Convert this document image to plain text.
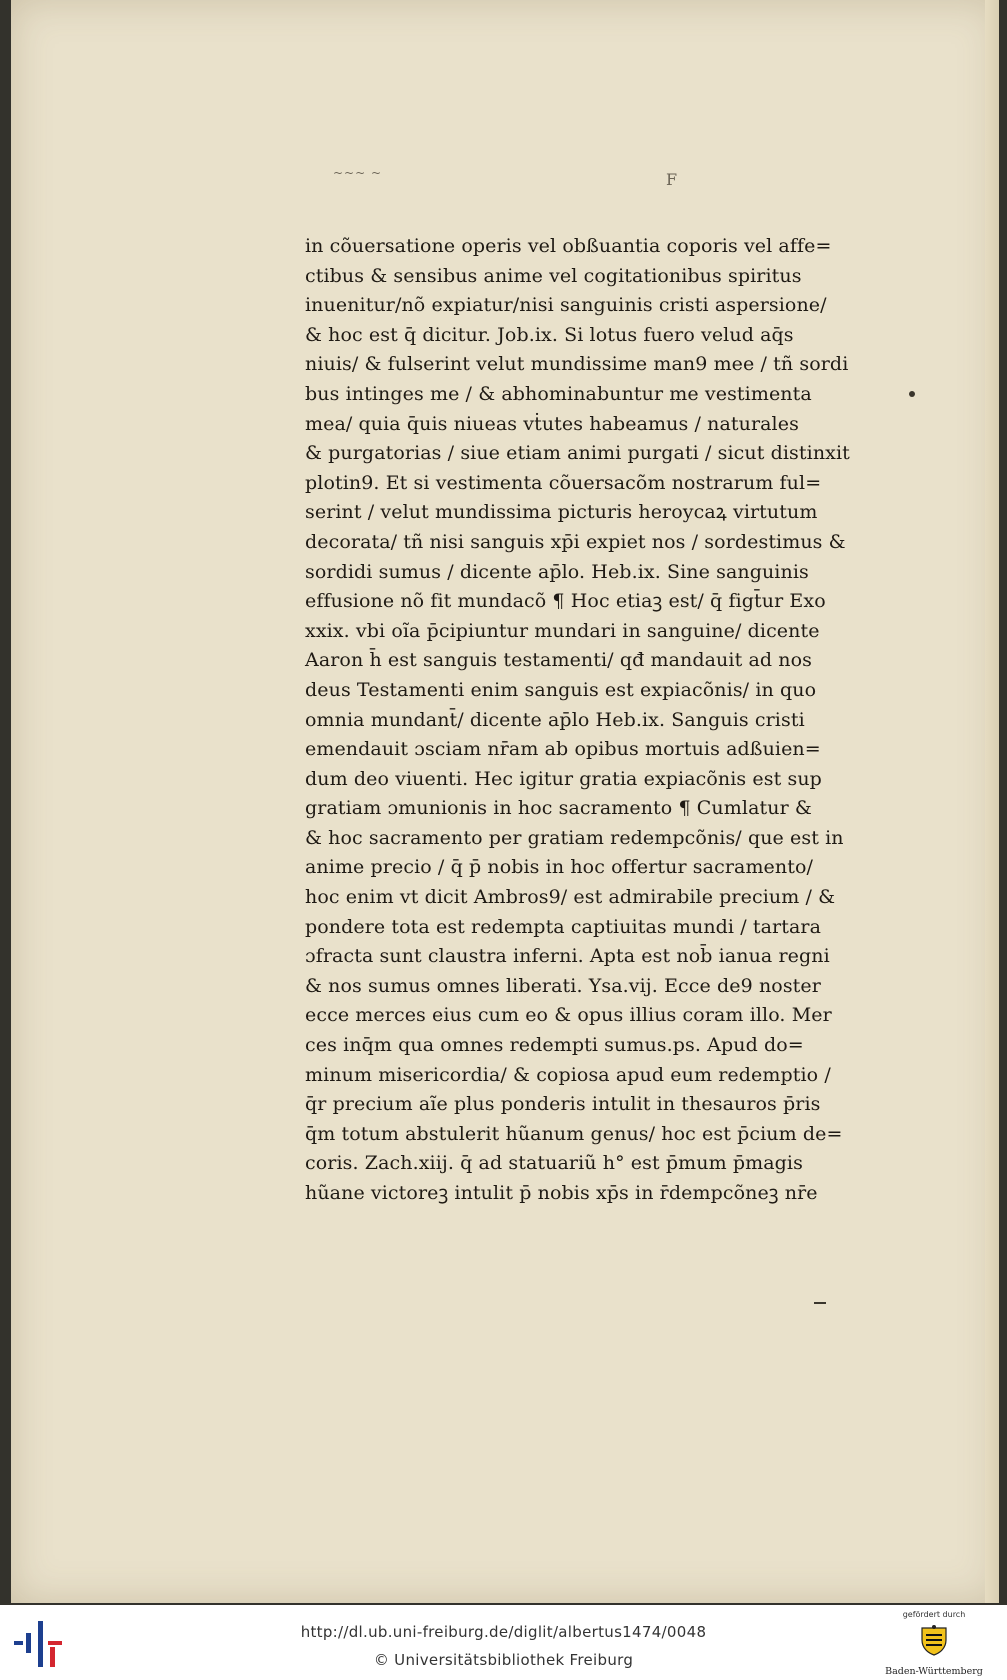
~~~ ~	F
in cõuersatione operis vel obßuantia coporis vel affe=
ctibus & sensibus anime vel cogitationibus spiritus
inuenitur/nõ expiatur/nisi sanguinis cristi aspersione/
& hoc est q̄ dicitur. Job.ix. Si lotus fuero velud aq̄s
niuis/ & fulserint velut mundissime man9 mee / tñ sordi
bus intinges me / & abhominabuntur me vestimenta
mea/ quia q̄uis niueas vṫutes habeamus / naturales
& purgatorias / siue etiam animi purgati / sicut distinxit
plotin9. Et si vestimenta cõuersacõm nostrarum ful=
serint / velut mundissima picturis heroycaꝝ virtutum
decorata/ tñ nisi sanguis xp̄i expiet nos / sordestimus &
sordidi sumus / dicente ap̄lo. Heb.ix. Sine sanguinis
effusione nõ fit mundacõ ¶ Hoc etiaꝫ est/ q̄ figt̄ur Exo
xxix. vbi oĩa p̄cipiuntur mundari in sanguine/ dicente
Aaron h̄ est sanguis testamenti/ qđ mandauit ad nos
deus Testamenti enim sanguis est expiacõnis/ in quo
omnia mundant̄/ dicente ap̄lo Heb.ix. Sanguis cristi
emendauit ɔsciam nr̄am ab opibus mortuis adßuien=
dum deo viuenti. Hec igitur gratia expiacõnis est sup
gratiam ɔmunionis in hoc sacramento ¶ Cumlatur &
& hoc sacramento per gratiam redempcõnis/ que est in
anime precio / q̄ p̄ nobis in hoc offertur sacramento/
hoc enim vt dicit Ambros9/ est admirabile precium / &
pondere tota est redempta captiuitas mundi / tartara
ɔfracta sunt claustra inferni. Apta est nob̄ ianua regni
& nos sumus omnes liberati. Ysa.vij. Ecce de9 noster
ecce merces eius cum eo & opus illius coram illo. Mer
ces inq̄m qua omnes redempti sumus.ps. Apud do=
minum misericordia/ & copiosa apud eum redemptio /
q̄r precium aĩe plus ponderis intulit in thesauros p̄ris
q̄m totum abstulerit hũanum genus/ hoc est p̄cium de=
coris. Zach.xiij. q̄ ad statuariũ h° est p̄mum p̄magis
hũane victoreꝫ intulit p̄ nobis xp̄s in r̄dempcõneꝫ nr̄e
http://dl.ub.uni-freiburg.de/diglit/albertus1474/0048
© Universitätsbibliothek Freiburg
gefördert durch
Baden-Württemberg
